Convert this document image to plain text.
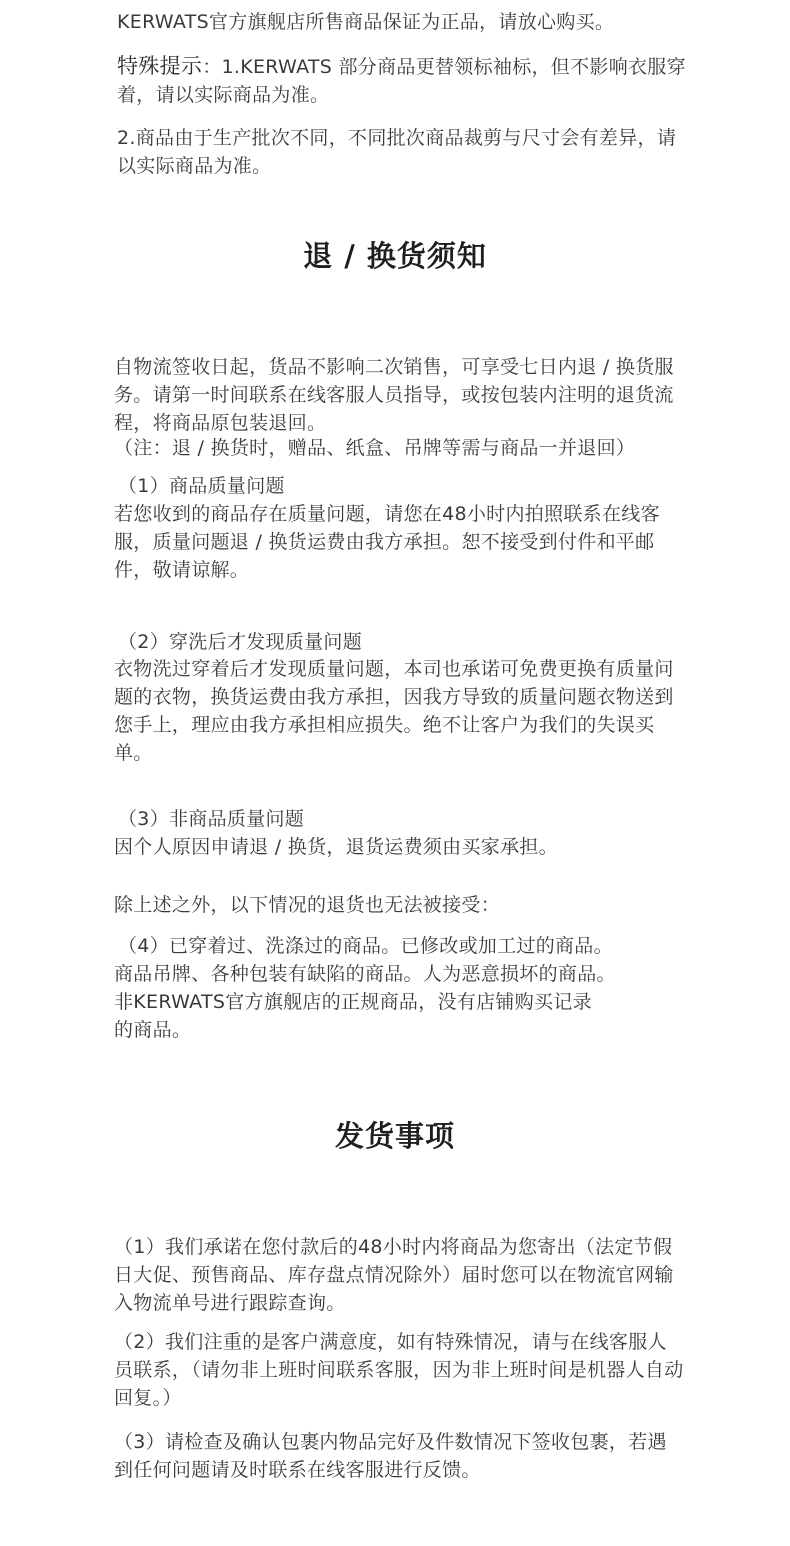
KERWATS官方旗舰店所售商品保证为正品，请放心购买。

特殊提示：1.KERWATS 部分商品更替领标袖标，但不影响衣服穿着，请以实际商品为准。

2.商品由于生产批次不同，不同批次商品裁剪与尺寸会有差异，请以实际商品为准。

退 / 换货须知

自物流签收日起，货品不影响二次销售，可享受七日内退 / 换货服务。请第一时间联系在线客服人员指导，或按包装内注明的退货流程，将商品原包装退回。

（注：退 / 换货时，赠品、纸盒、吊牌等需与商品一并退回）

（1）商品质量问题

若您收到的商品存在质量问题，请您在48小时内拍照联系在线客服，质量问题退 / 换货运费由我方承担。恕不接受到付件和平邮件，敬请谅解。

（2）穿洗后才发现质量问题

衣物洗过穿着后才发现质量问题，本司也承诺可免费更换有质量问题的衣物，换货运费由我方承担，因我方导致的质量问题衣物送到您手上，理应由我方承担相应损失。绝不让客户为我们的失误买单。

（3）非商品质量问题

因个人原因申请退 / 换货，退货运费须由买家承担。

除上述之外，以下情况的退货也无法被接受：

（4）已穿着过、洗涤过的商品。已修改或加工过的商品。

商品吊牌、各种包装有缺陷的商品。人为恶意损坏的商品。

非KERWATS官方旗舰店的正规商品，没有店铺购买记录

的商品。

发货事项

（1）我们承诺在您付款后的48小时内将商品为您寄出（法定节假日大促、预售商品、库存盘点情况除外）届时您可以在物流官网输入物流单号进行跟踪查询。

（2）我们注重的是客户满意度，如有特殊情况，请与在线客服人员联系，（请勿非上班时间联系客服，因为非上班时间是机器人自动回复。）

（3）请检查及确认包裹内物品完好及件数情况下签收包裹，若遇到任何问题请及时联系在线客服进行反馈。
